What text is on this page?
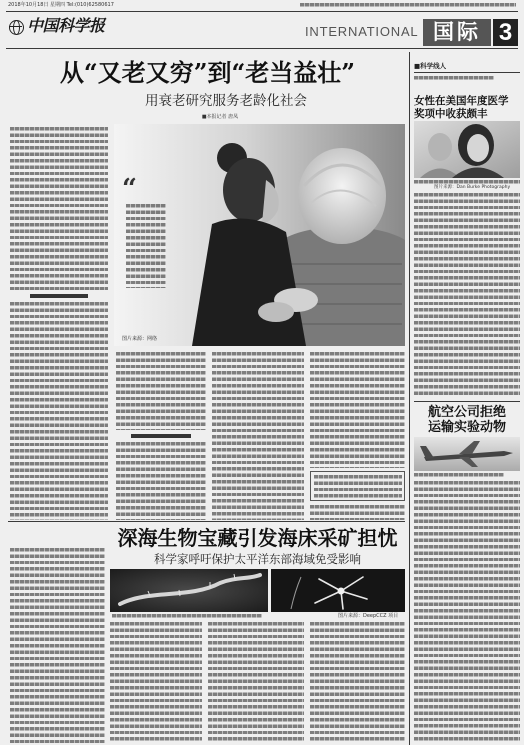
2018年10月18日 星期四 Tel:(010)62580617
中国科学报	INTERNATIONAL 国际 3
从“又老又穷”到“老当益壮”
用衰老研究服务老龄化社会
■本报记者 唐凤
图片来源：网络
“
■科学线人
女性在美国年度医学
奖项中收获颇丰
图片来源：Dan Burke Photography
航空公司拒绝
运输实验动物
深海生物宝藏引发海床采矿担忧
科学家呼吁保护太平洋东部海域免受影响
图片来源：DeepCCZ 项目
